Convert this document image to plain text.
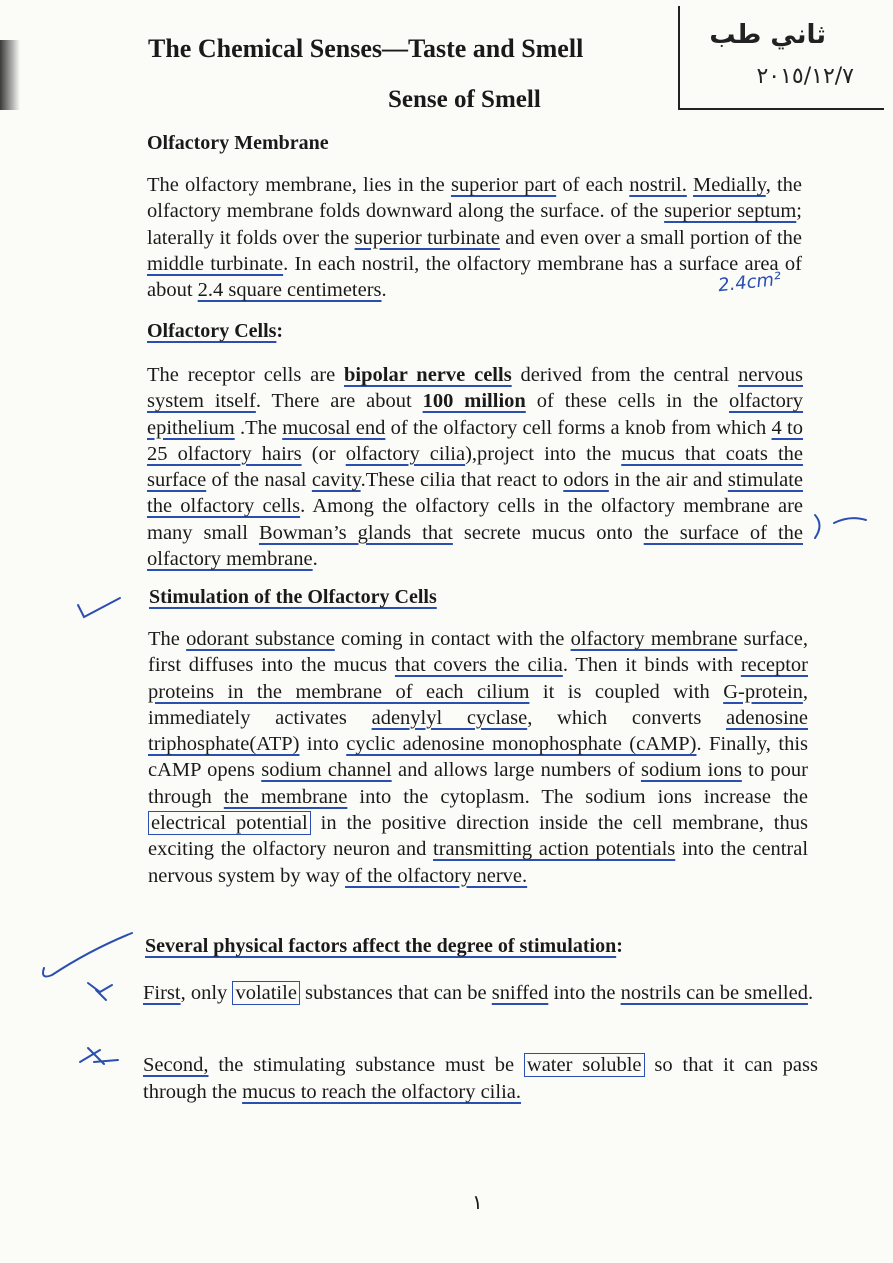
ثاني طب
٢٠١٥/١٢/٧
The Chemical Senses—Taste and Smell
Sense of Smell
Olfactory Membrane
The olfactory membrane, lies in the superior part of each nostril. Medially, the olfactory membrane folds downward along the surface. of the superior septum; laterally it folds over the superior turbinate and even over a small portion of the middle turbinate. In each nostril, the olfactory membrane has a surface area of about 2.4 square centimeters.	2.4cm²
Olfactory Cells:
The receptor cells are bipolar nerve cells derived from the central nervous system itself. There are about 100 million of these cells in the olfactory epithelium .The mucosal end of the olfactory cell forms a knob from which 4 to 25 olfactory hairs (or olfactory cilia),project into the mucus that coats the surface of the nasal cavity.These cilia that react to odors in the air and stimulate the olfactory cells. Among the olfactory cells in the olfactory membrane are many small Bowman’s glands that secrete mucus onto the surface of the olfactory membrane.
Stimulation of the Olfactory Cells
The odorant substance coming in contact with the olfactory membrane surface, first diffuses into the mucus that covers the cilia. Then it binds with receptor proteins in the membrane of each cilium it is coupled with G-protein, immediately activates adenylyl cyclase, which converts adenosine triphosphate(ATP) into cyclic adenosine monophosphate (cAMP). Finally, this cAMP opens sodium channel and allows large numbers of sodium ions to pour through the membrane into the cytoplasm. The sodium ions increase the electrical potential in the positive direction inside the cell membrane, thus exciting the olfactory neuron and transmitting action potentials into the central nervous system by way of the olfactory nerve.
Several physical factors affect the degree of stimulation:
First, only volatile substances that can be sniffed into the nostrils can be smelled.
Second, the stimulating substance must be water soluble so that it can pass through the mucus to reach the olfactory cilia.
١
